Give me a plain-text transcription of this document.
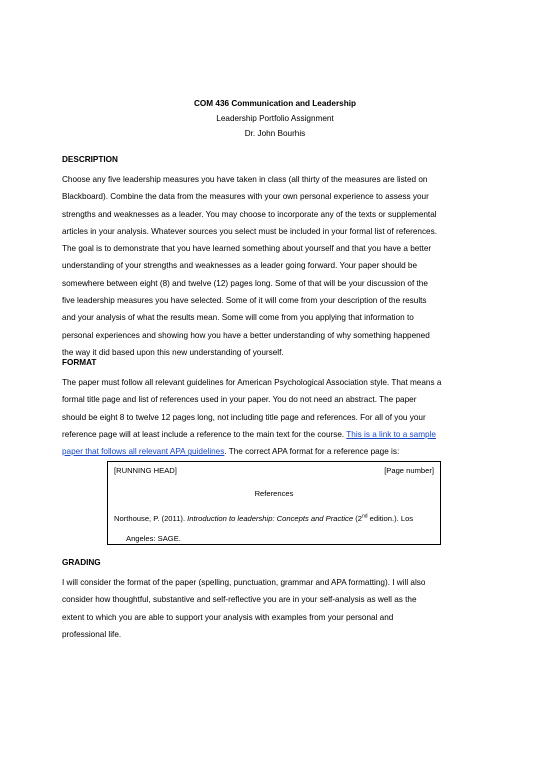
COM 436 Communication and Leadership
Leadership Portfolio Assignment
Dr. John Bourhis
DESCRIPTION
Choose any five leadership measures you have taken in class (all thirty of the measures are listed on
Blackboard). Combine the data from the measures with your own personal experience to assess your
strengths and weaknesses as a leader. You may choose to incorporate any of the texts or supplemental
articles in your analysis. Whatever sources you select must be included in your formal list of references.
The goal is to demonstrate that you have learned something about yourself and that you have a better
understanding of your strengths and weaknesses as a leader going forward. Your paper should be
somewhere between eight (8) and twelve (12) pages long. Some of that will be your discussion of the
five leadership measures you have selected. Some of it will come from your description of the results
and your analysis of what the results mean. Some will come from you applying that information to
personal experiences and showing how you have a better understanding of why something happened
the way it did based upon this new understanding of yourself.
FORMAT
The paper must follow all relevant guidelines for American Psychological Association style. That means a
formal title page and list of references used in your paper. You do not need an abstract. The paper
should be eight 8 to twelve 12 pages long, not including title page and references. For all of you your
reference page will at least include a reference to the main text for the course. This is a link to a sample
paper that follows all relevant APA guidelines. The correct APA format for a reference page is:
[RUNNING HEAD]	[Page number]
References
Northouse, P. (2011). Introduction to leadership: Concepts and Practice (2nd edition.). Los
Angeles: SAGE.
GRADING
I will consider the format of the paper (spelling, punctuation, grammar and APA formatting). I will also
consider how thoughtful, substantive and self-reflective you are in your self-analysis as well as the
extent to which you are able to support your analysis with examples from your personal and
professional life.
